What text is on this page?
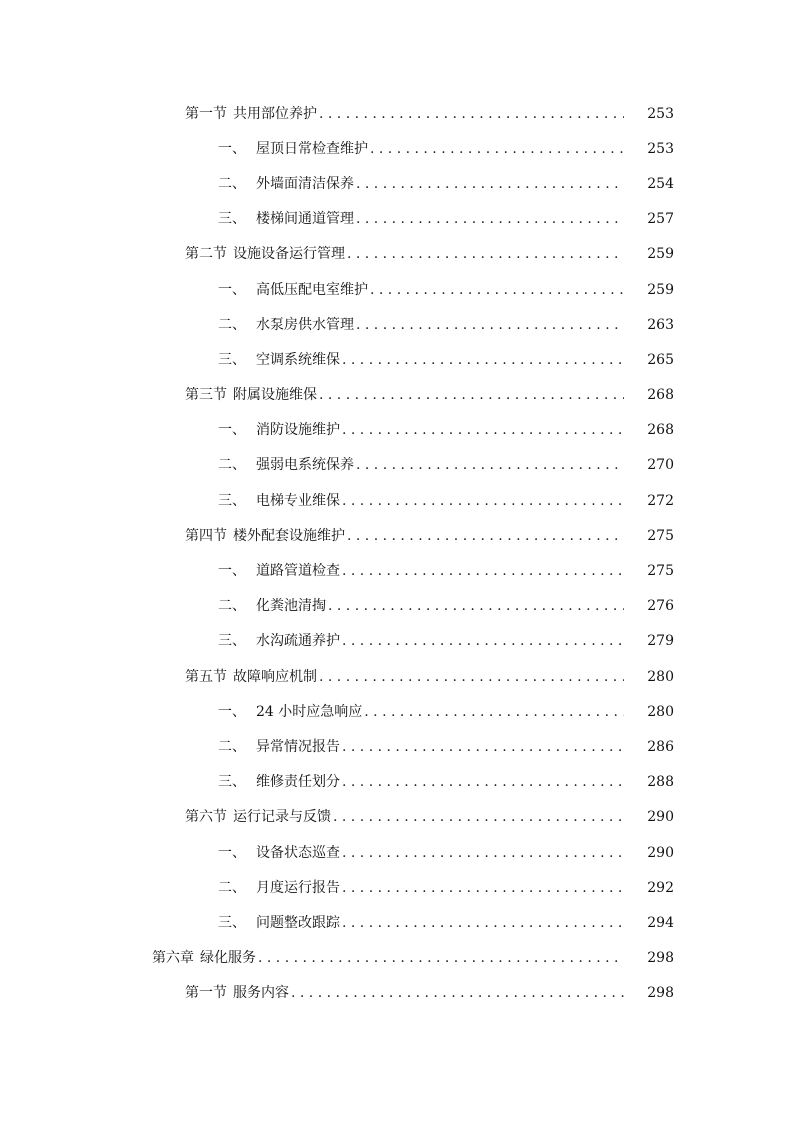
第一节 共用部位养护 . . .	253
一、 屋顶日常检查维护 . . .	253
二、 外墙面清洁保养 . . .	254
三、 楼梯间通道管理 . . .	257
第二节 设施设备运行管理 . . .	259
一、 高低压配电室维护 . . .	259
二、 水泵房供水管理 . . .	263
三、 空调系统维保 . . .	265
第三节 附属设施维保 . . .	268
一、 消防设施维护 . . .	268
二、 强弱电系统保养 . . .	270
三、 电梯专业维保 . . .	272
第四节 楼外配套设施维护 . . .	275
一、 道路管道检查 . . .	275
二、 化粪池清掏 . . .	276
三、 水沟疏通养护 . . .	279
第五节 故障响应机制 . . .	280
一、 24 小时应急响应 . . .	280
二、 异常情况报告 . . .	286
三、 维修责任划分 . . .	288
第六节 运行记录与反馈 . . .	290
一、 设备状态巡查 . . .	290
二、 月度运行报告 . . .	292
三、 问题整改跟踪 . . .	294
第六章 绿化服务 . . .	298
第一节 服务内容 . . .	298
